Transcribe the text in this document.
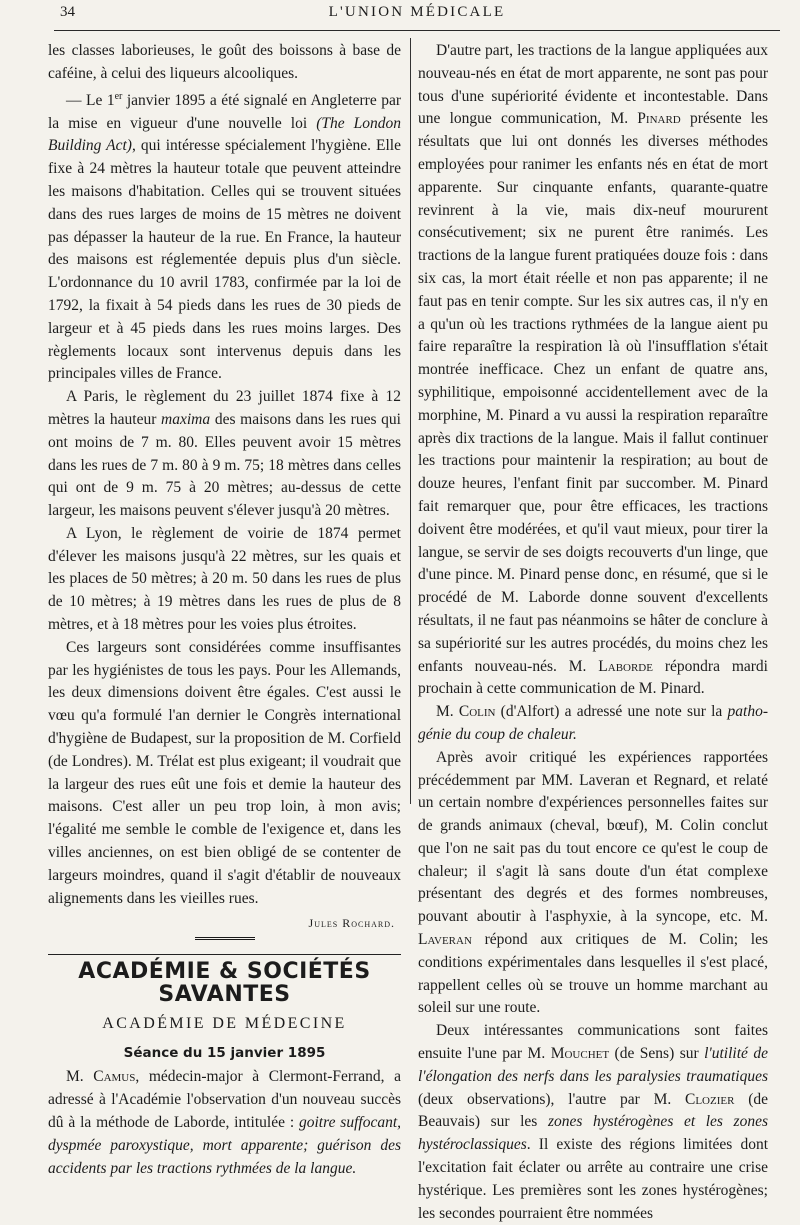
34	L'UNION MÉDICALE

les classes laborieuses, le goût des boissons à base de caféine, à celui des liqueurs alcooliques.

— Le 1er janvier 1895 a été signalé en Angleterre par la mise en vigueur d'une nouvelle loi (The London Building Act), qui intéresse spécialement l'hygiène. Elle fixe à 24 mètres la hauteur totale que peuvent atteindre les maisons d'habitation. Celles qui se trouvent situées dans des rues larges de moins de 15 mètres ne doivent pas dépasser la hauteur de la rue. En France, la hauteur des maisons est réglementée depuis plus d'un siècle. L'ordonnance du 10 avril 1783, confirmée par la loi de 1792, la fixait à 54 pieds dans les rues de 30 pieds de largeur et à 45 pieds dans les rues moins larges. Des règlements locaux sont intervenus depuis dans les principales villes de France.

A Paris, le règlement du 23 juillet 1874 fixe à 12 mètres la hauteur maxima des maisons dans les rues qui ont moins de 7 m. 80. Elles peuvent avoir 15 mètres dans les rues de 7 m. 80 à 9 m. 75; 18 mètres dans celles qui ont de 9 m. 75 à 20 mètres; au-dessus de cette largeur, les maisons peuvent s'élever jusqu'à 20 mètres.

A Lyon, le règlement de voirie de 1874 permet d'élever les maisons jusqu'à 22 mètres, sur les quais et les places de 50 mètres; à 20 m. 50 dans les rues de plus de 10 mètres; à 19 mètres dans les rues de plus de 8 mètres, et à 18 mètres pour les voies plus étroites.

Ces largeurs sont considérées comme insuffisantes par les hygiénistes de tous les pays. Pour les Allemands, les deux dimensions doivent être égales. C'est aussi le vœu qu'a formulé l'an dernier le Congrès international d'hygiène de Budapest, sur la proposition de M. Corfield (de Londres). M. Trélat est plus exigeant; il voudrait que la largeur des rues eût une fois et demie la hauteur des maisons. C'est aller un peu trop loin, à mon avis; l'égalité me semble le comble de l'exigence et, dans les villes anciennes, on est bien obligé de se contenter de largeurs moindres, quand il s'agit d'établir de nouveaux alignements dans les vieilles rues.

Jules Rochard.
ACADÉMIE & SOCIÉTÉS SAVANTES
ACADÉMIE DE MÉDECINE
Séance du 15 janvier 1895

M. Camus, médecin-major à Clermont-Ferrand, a adressé à l'Académie l'observation d'un nouveau succès dû à la méthode de Laborde, intitulée : goitre suffocant, dyspmée paroxystique, mort apparente; guérison des accidents par les tractions rythmées de la langue.

D'autre part, les tractions de la langue appliquées aux nouveau-nés en état de mort apparente, ne sont pas pour tous d'une supériorité évidente et incontestable. Dans une longue communication, M. Pinard présente les résultats que lui ont donnés les diverses méthodes employées pour ranimer les enfants nés en état de mort apparente. Sur cinquante enfants, quarante-quatre revinrent à la vie, mais dix-neuf moururent consécutivement; six ne purent être ranimés. Les tractions de la langue furent pratiquées douze fois : dans six cas, la mort était réelle et non pas apparente; il ne faut pas en tenir compte. Sur les six autres cas, il n'y en a qu'un où les tractions rythmées de la langue aient pu faire reparaître la respiration là où l'insufflation s'était montrée inefficace. Chez un enfant de quatre ans, syphilitique, empoisonné accidentellement avec de la morphine, M. Pinard a vu aussi la respiration reparaître après dix tractions de la langue. Mais il fallut continuer les tractions pour maintenir la respiration; au bout de douze heures, l'enfant finit par succomber. M. Pinard fait remarquer que, pour être efficaces, les tractions doivent être modérées, et qu'il vaut mieux, pour tirer la langue, se servir de ses doigts recouverts d'un linge, que d'une pince. M. Pinard pense donc, en résumé, que si le procédé de M. Laborde donne souvent d'excellents résultats, il ne faut pas néanmoins se hâter de conclure à sa supériorité sur les autres procédés, du moins chez les enfants nouveau-nés. M. Laborde répondra mardi prochain à cette communication de M. Pinard.

M. Colin (d'Alfort) a adressé une note sur la pathogénie du coup de chaleur.

Après avoir critiqué les expériences rapportées précédemment par MM. Laveran et Regnard, et relaté un certain nombre d'expériences personnelles faites sur de grands animaux (cheval, bœuf), M. Colin conclut que l'on ne sait pas du tout encore ce qu'est le coup de chaleur; il s'agit là sans doute d'un état complexe présentant des degrés et des formes nombreuses, pouvant aboutir à l'asphyxie, à la syncope, etc. M. Laveran répond aux critiques de M. Colin; les conditions expérimentales dans lesquelles il s'est placé, rappellent celles où se trouve un homme marchant au soleil sur une route.

Deux intéressantes communications sont faites ensuite l'une par M. Mouchet (de Sens) sur l'utilité de l'élongation des nerfs dans les paralysies traumatiques (deux observations), l'autre par M. Clozier (de Beauvais) sur les zones hystérogènes et les zones hystéroclassiques. Il existe des régions limitées dont l'excitation fait éclater ou arrête au contraire une crise hystérique. Les premières sont les zones hystérogènes; les secondes pourraient être nommées
